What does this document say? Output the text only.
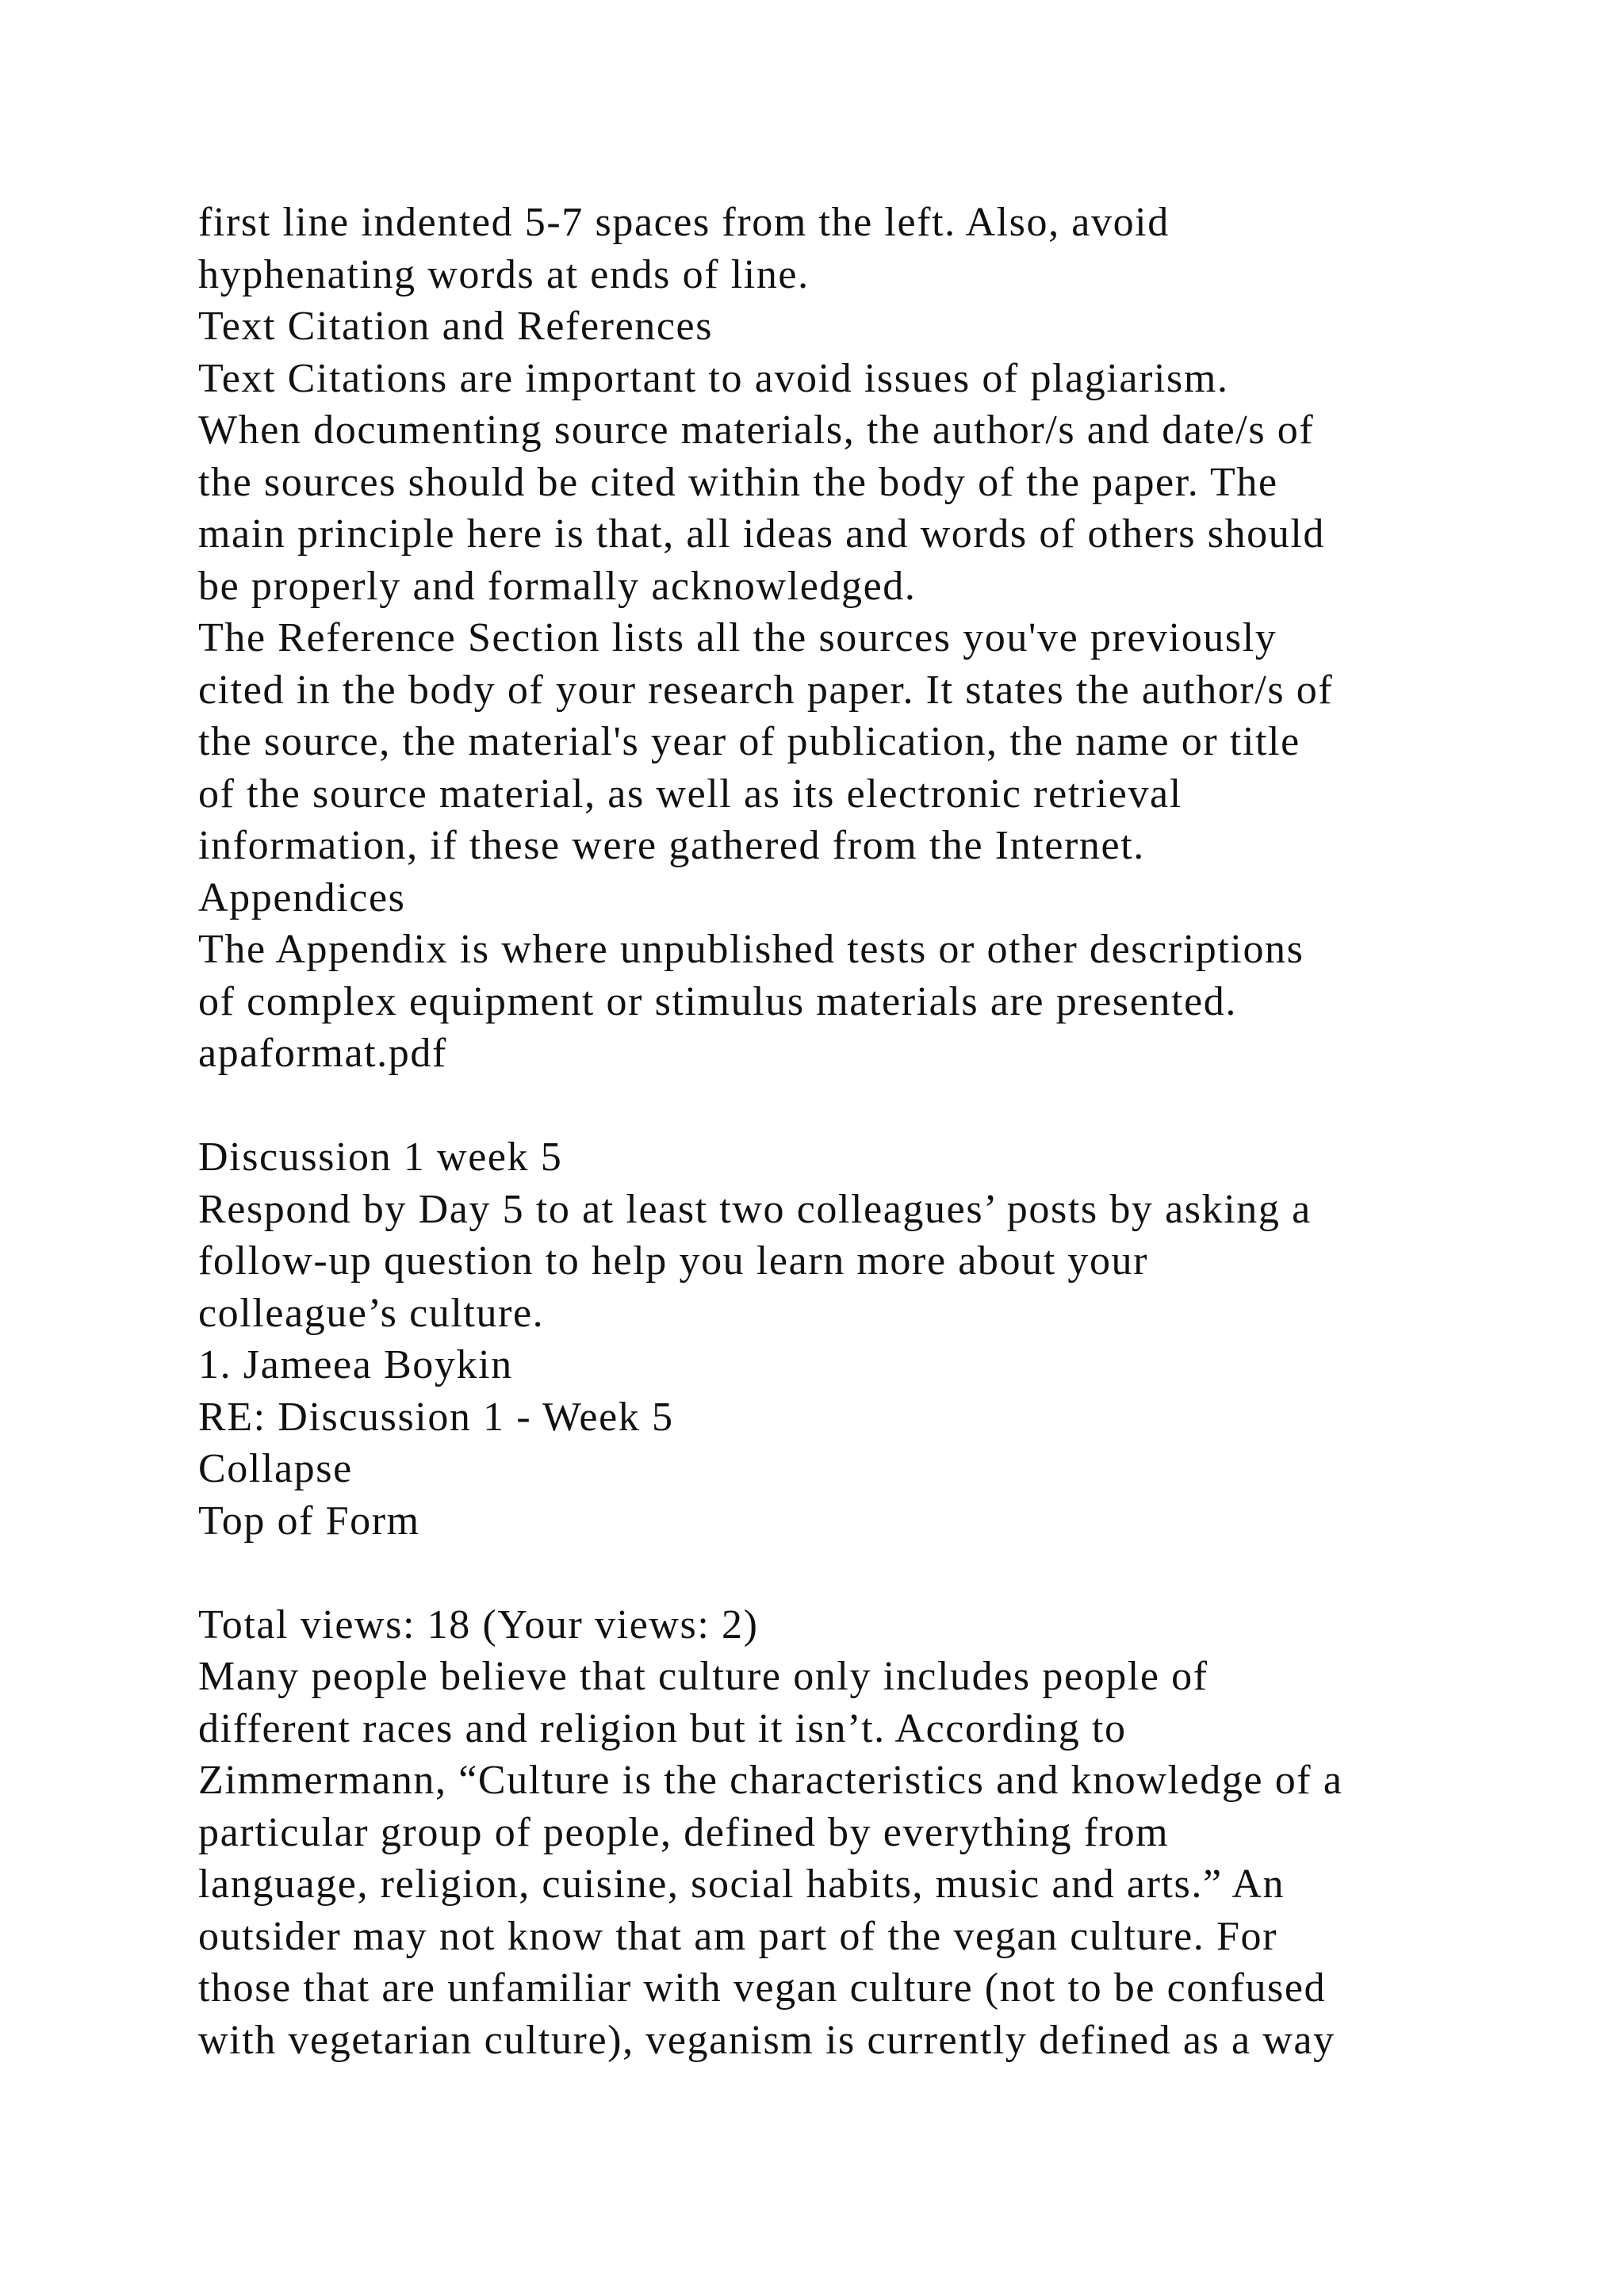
first line indented 5-7 spaces from the left. Also, avoid
hyphenating words at ends of line.
Text Citation and References
Text Citations are important to avoid issues of plagiarism.
When documenting source materials, the author/s and date/s of
the sources should be cited within the body of the paper. The
main principle here is that, all ideas and words of others should
be properly and formally acknowledged.
The Reference Section lists all the sources you've previously
cited in the body of your research paper. It states the author/s of
the source, the material's year of publication, the name or title
of the source material, as well as its electronic retrieval
information, if these were gathered from the Internet.
Appendices
The Appendix is where unpublished tests or other descriptions
of complex equipment or stimulus materials are presented.
apaformat.pdf
Discussion 1 week 5
Respond by Day 5 to at least two colleagues’ posts by asking a
follow-up question to help you learn more about your
colleague’s culture.
1. Jameea Boykin
RE: Discussion 1 - Week 5
Collapse
Top of Form
Total views: 18 (Your views: 2)
Many people believe that culture only includes people of
different races and religion but it isn’t. According to
Zimmermann, “Culture is the characteristics and knowledge of a
particular group of people, defined by everything from
language, religion, cuisine, social habits, music and arts.” An
outsider may not know that am part of the vegan culture. For
those that are unfamiliar with vegan culture (not to be confused
with vegetarian culture), veganism is currently defined as a way
